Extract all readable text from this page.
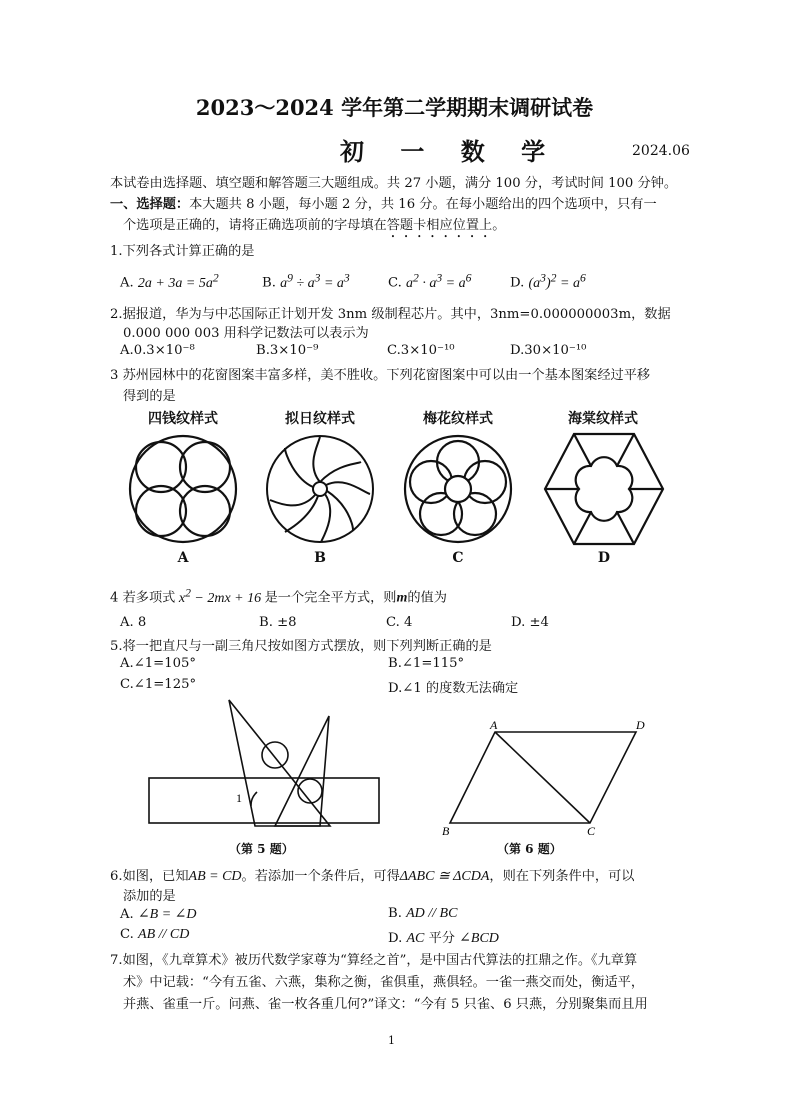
2023～2024 学年第二学期期末调研试卷
初 一 数 学	2024.06
本试卷由选择题、填空题和解答题三大题组成。共 27 小题，满分 100 分，考试时间 100 分钟。
一、选择题：本大题共 8 小题，每小题 2 分，共 16 分。在每小题给出的四个选项中，只有一
个选项是正确的，请将正确选项前的字母填在答题卡相应位置上。
1.下列各式计算正确的是
A. $2a + 3a = 5a^2$	B. $a^9 \div a^3 = a^3$	C. $a^2 \cdot a^3 = a^6$	D. $(a^3)^2 = a^6$
2.据报道，华为与中芯国际正计划开发 3nm 级制程芯片。其中，3nm=0.000000003m，数据
0.000 000 003 用科学记数法可以表示为
A.0.3×10⁻⁸	B.3×10⁻⁹	C.3×10⁻¹⁰	D.30×10⁻¹⁰
3 苏州园林中的花窗图案丰富多样，美不胜收。下列花窗图案中可以由一个基本图案经过平移
得到的是
四钱纹样式	拟日纹样式	梅花纹样式	海棠纹样式
A	B	C	D
4 若多项式 $x^2 - 2mx + 16$ 是一个完全平方式，则m的值为
A. 8	B. ±8	C. 4	D. ±4
5.将一把直尺与一副三角尺按如图方式摆放，则下列判断正确的是
A.∠1=105°	B.∠1=115°
C.∠1=125°	D.∠1 的度数无法确定
1
（第 5 题）
A	D
B	C
（第 6 题）
6.如图，已知AB = CD。若添加一个条件后，可得ΔABC ≅ ΔCDA，则在下列条件中，可以
添加的是
A. ∠B = ∠D	B. AD // BC
C. AB // CD	D. AC 平分 ∠BCD
7.如图，《九章算术》被历代数学家尊为“算经之首”，是中国古代算法的扛鼎之作。《九章算
术》中记载：“今有五雀、六燕，集称之衡，雀俱重，燕俱轻。一雀一燕交而处，衡适平，
并燕、雀重一斤。问燕、雀一枚各重几何?”译文：“今有 5 只雀、6 只燕，分别聚集而且用
1
